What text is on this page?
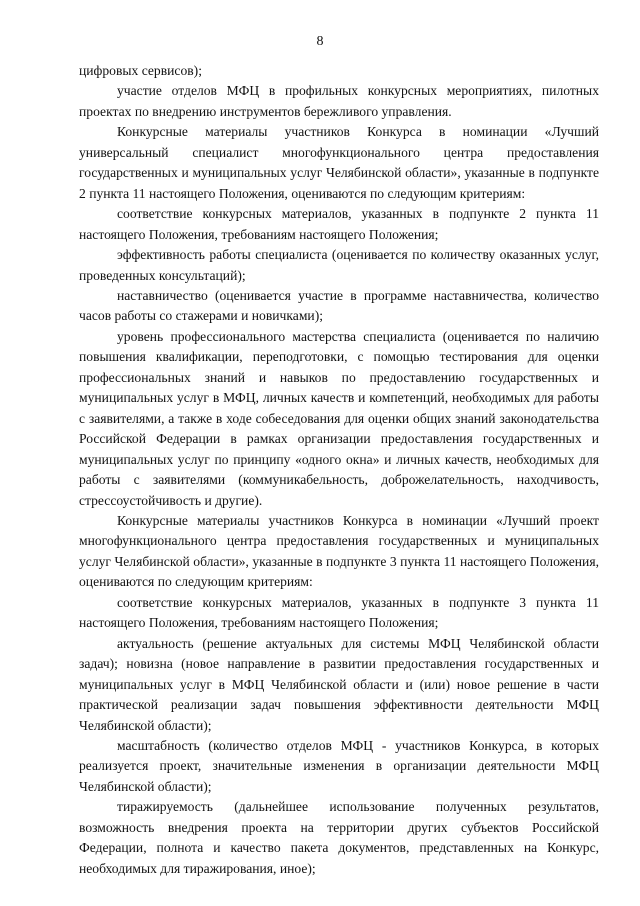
8

цифровых сервисов);

участие отделов МФЦ в профильных конкурсных мероприятиях, пилотных проектах по внедрению инструментов бережливого управления.

Конкурсные материалы участников Конкурса в номинации «Лучший универсальный специалист многофункционального центра предоставления государственных и муниципальных услуг Челябинской области», указанные в подпункте 2 пункта 11 настоящего Положения, оцениваются по следующим критериям:

соответствие конкурсных материалов, указанных в подпункте 2 пункта 11 настоящего Положения, требованиям настоящего Положения;

эффективность работы специалиста (оценивается по количеству оказанных услуг, проведенных консультаций);

наставничество (оценивается участие в программе наставничества, количество часов работы со стажерами и новичками);

уровень профессионального мастерства специалиста (оценивается по наличию повышения квалификации, переподготовки, с помощью тестирования для оценки профессиональных знаний и навыков по предоставлению государственных и муниципальных услуг в МФЦ, личных качеств и компетенций, необходимых для работы с заявителями, а также в ходе собеседования для оценки общих знаний законодательства Российской Федерации в рамках организации предоставления государственных и муниципальных услуг по принципу «одного окна» и личных качеств, необходимых для работы с заявителями (коммуникабельность, доброжелательность, находчивость, стрессоустойчивость и другие).

Конкурсные материалы участников Конкурса в номинации «Лучший проект многофункционального центра предоставления государственных и муниципальных услуг Челябинской области», указанные в подпункте 3 пункта 11 настоящего Положения, оцениваются по следующим критериям:

соответствие конкурсных материалов, указанных в подпункте 3 пункта 11 настоящего Положения, требованиям настоящего Положения;

актуальность (решение актуальных для системы МФЦ Челябинской области задач); новизна (новое направление в развитии предоставления государственных и муниципальных услуг в МФЦ Челябинской области и (или) новое решение в части практической реализации задач повышения эффективности деятельности МФЦ Челябинской области);

масштабность (количество отделов МФЦ - участников Конкурса, в которых реализуется проект, значительные изменения в организации деятельности МФЦ Челябинской области);

тиражируемость (дальнейшее использование полученных результатов, возможность внедрения проекта на территории других субъектов Российской Федерации, полнота и качество пакета документов, представленных на Конкурс, необходимых для тиражирования, иное);
